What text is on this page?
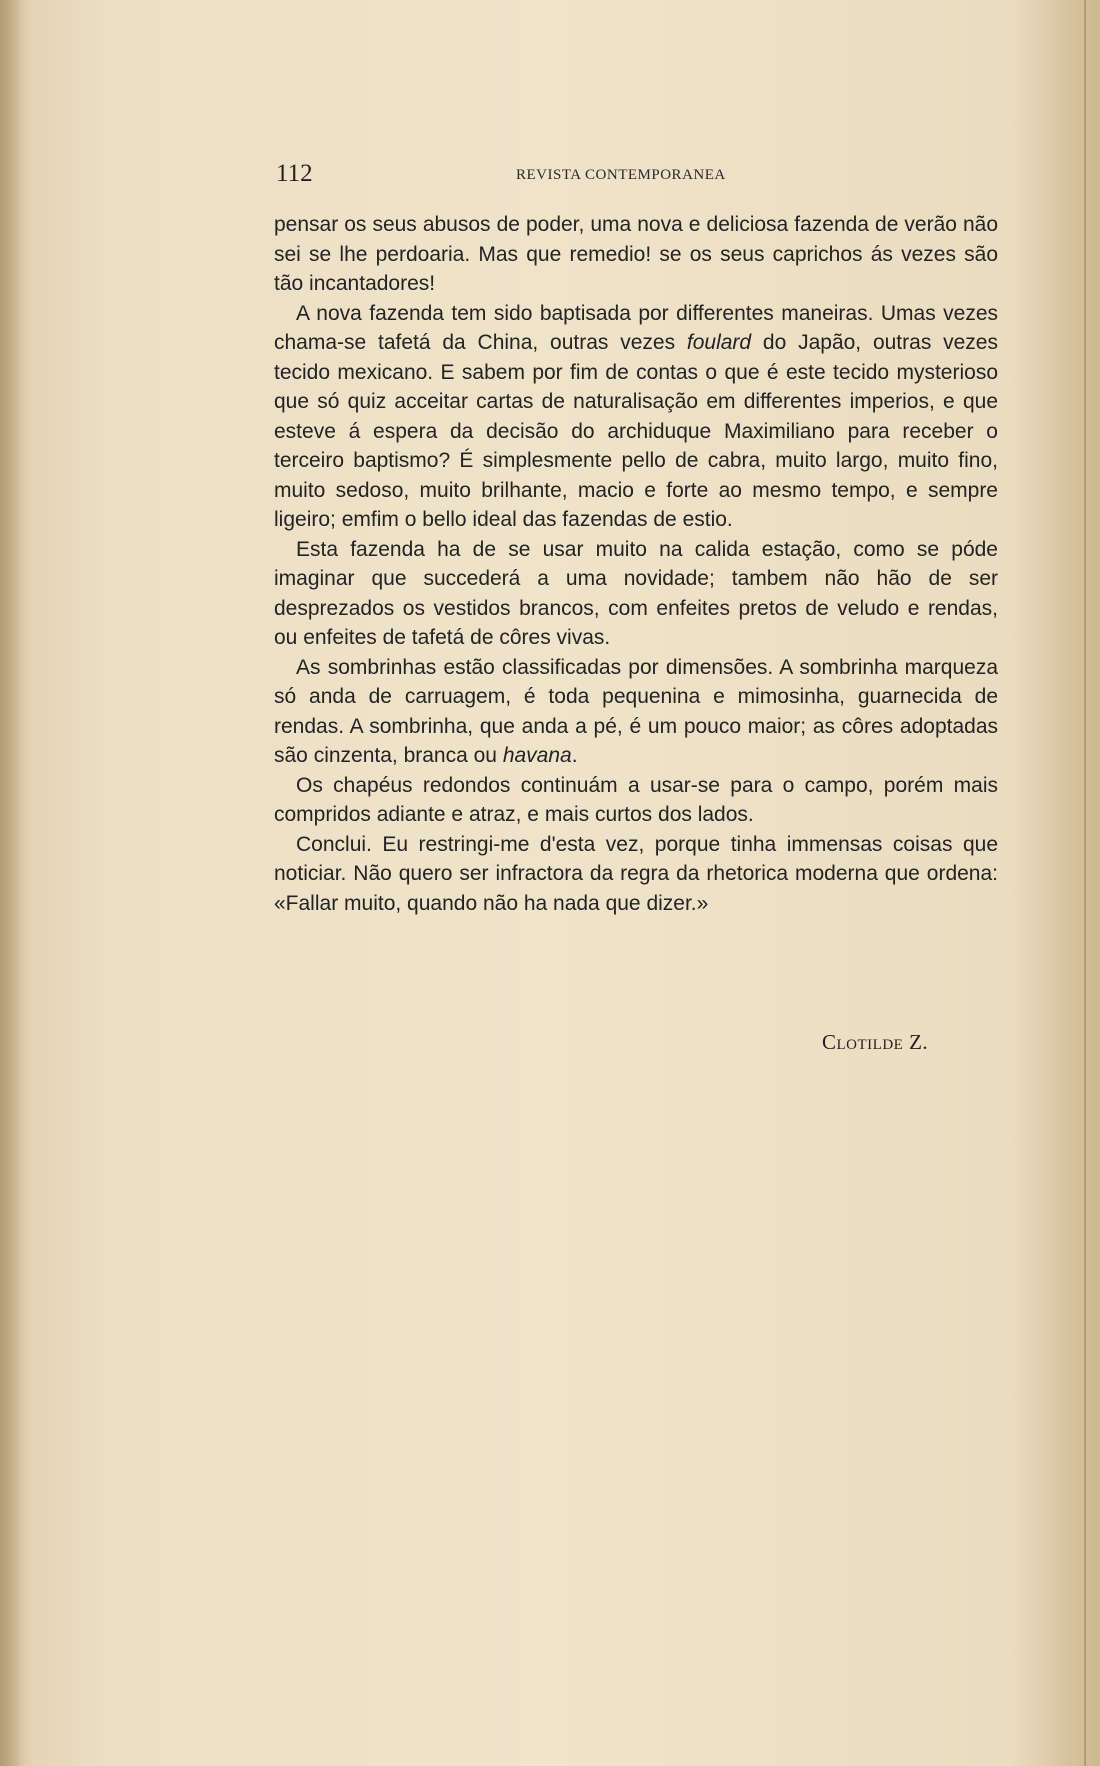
112	REVISTA CONTEMPORANEA

pensar os seus abusos de poder, uma nova e deliciosa fazenda de verão não sei se lhe perdoaria. Mas que remedio! se os seus caprichos ás vezes são tão incantadores!

A nova fazenda tem sido baptisada por differentes maneiras. Umas vezes chama-se tafetá da China, outras vezes foulard do Japão, outras vezes tecido mexicano. E sabem por fim de contas o que é este tecido mysterioso que só quiz acceitar cartas de naturalisação em differentes imperios, e que esteve á espera da decisão do archiduque Maximiliano para receber o terceiro baptismo? É simplesmente pello de cabra, muito largo, muito fino, muito sedoso, muito brilhante, macio e forte ao mesmo tempo, e sempre ligeiro; emfim o bello ideal das fazendas de estio.

Esta fazenda ha de se usar muito na calida estação, como se póde imaginar que succederá a uma novidade; tambem não hão de ser desprezados os vestidos brancos, com enfeites pretos de veludo e rendas, ou enfeites de tafetá de côres vivas.

As sombrinhas estão classificadas por dimensões. A sombrinha marqueza só anda de carruagem, é toda pequenina e mimosinha, guarnecida de rendas. A sombrinha, que anda a pé, é um pouco maior; as côres adoptadas são cinzenta, branca ou havana.

Os chapéus redondos continuám a usar-se para o campo, porém mais compridos adiante e atraz, e mais curtos dos lados.

Conclui. Eu restringi-me d'esta vez, porque tinha immensas coisas que noticiar. Não quero ser infractora da regra da rhetorica moderna que ordena: «Fallar muito, quando não ha nada que dizer.»

Clotilde Z.
